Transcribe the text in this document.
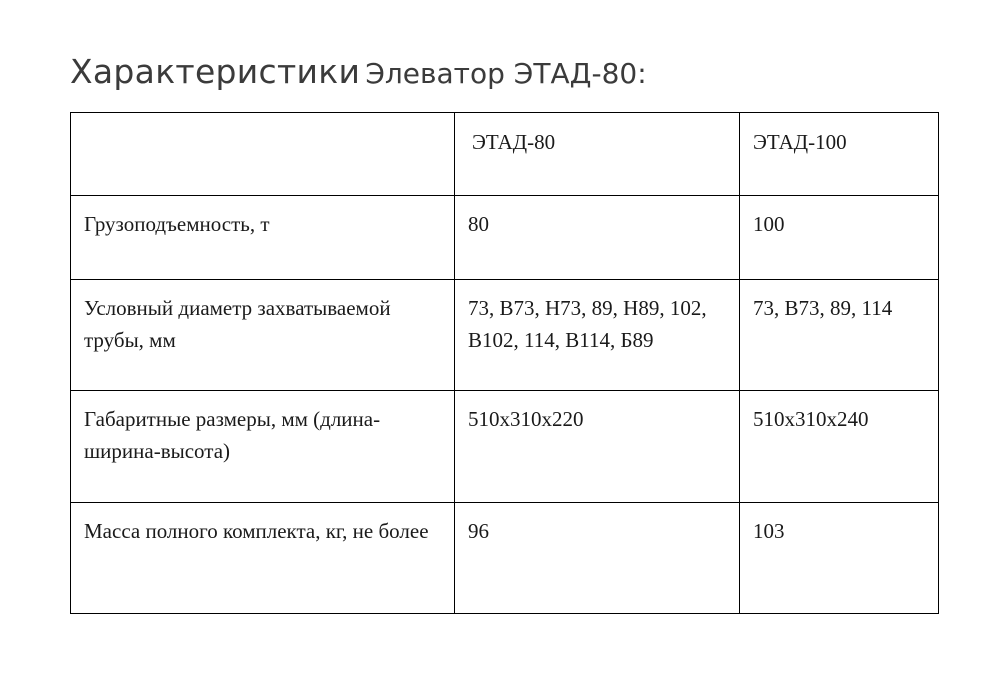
Характеристики Элеватор ЭТАД-80:

	ЭТАД-80	ЭТАД-100

Грузоподъемность, т	80	100

Условный диаметр захватываемой трубы, мм	73, В73, Н73, 89, Н89, 102, В102, 114, В114, Б89	73, В73, 89, 114

Габаритные размеры, мм (длина-ширина-высота)	510х310х220	510х310х240

Масса полного комплекта, кг, не более	96	103
